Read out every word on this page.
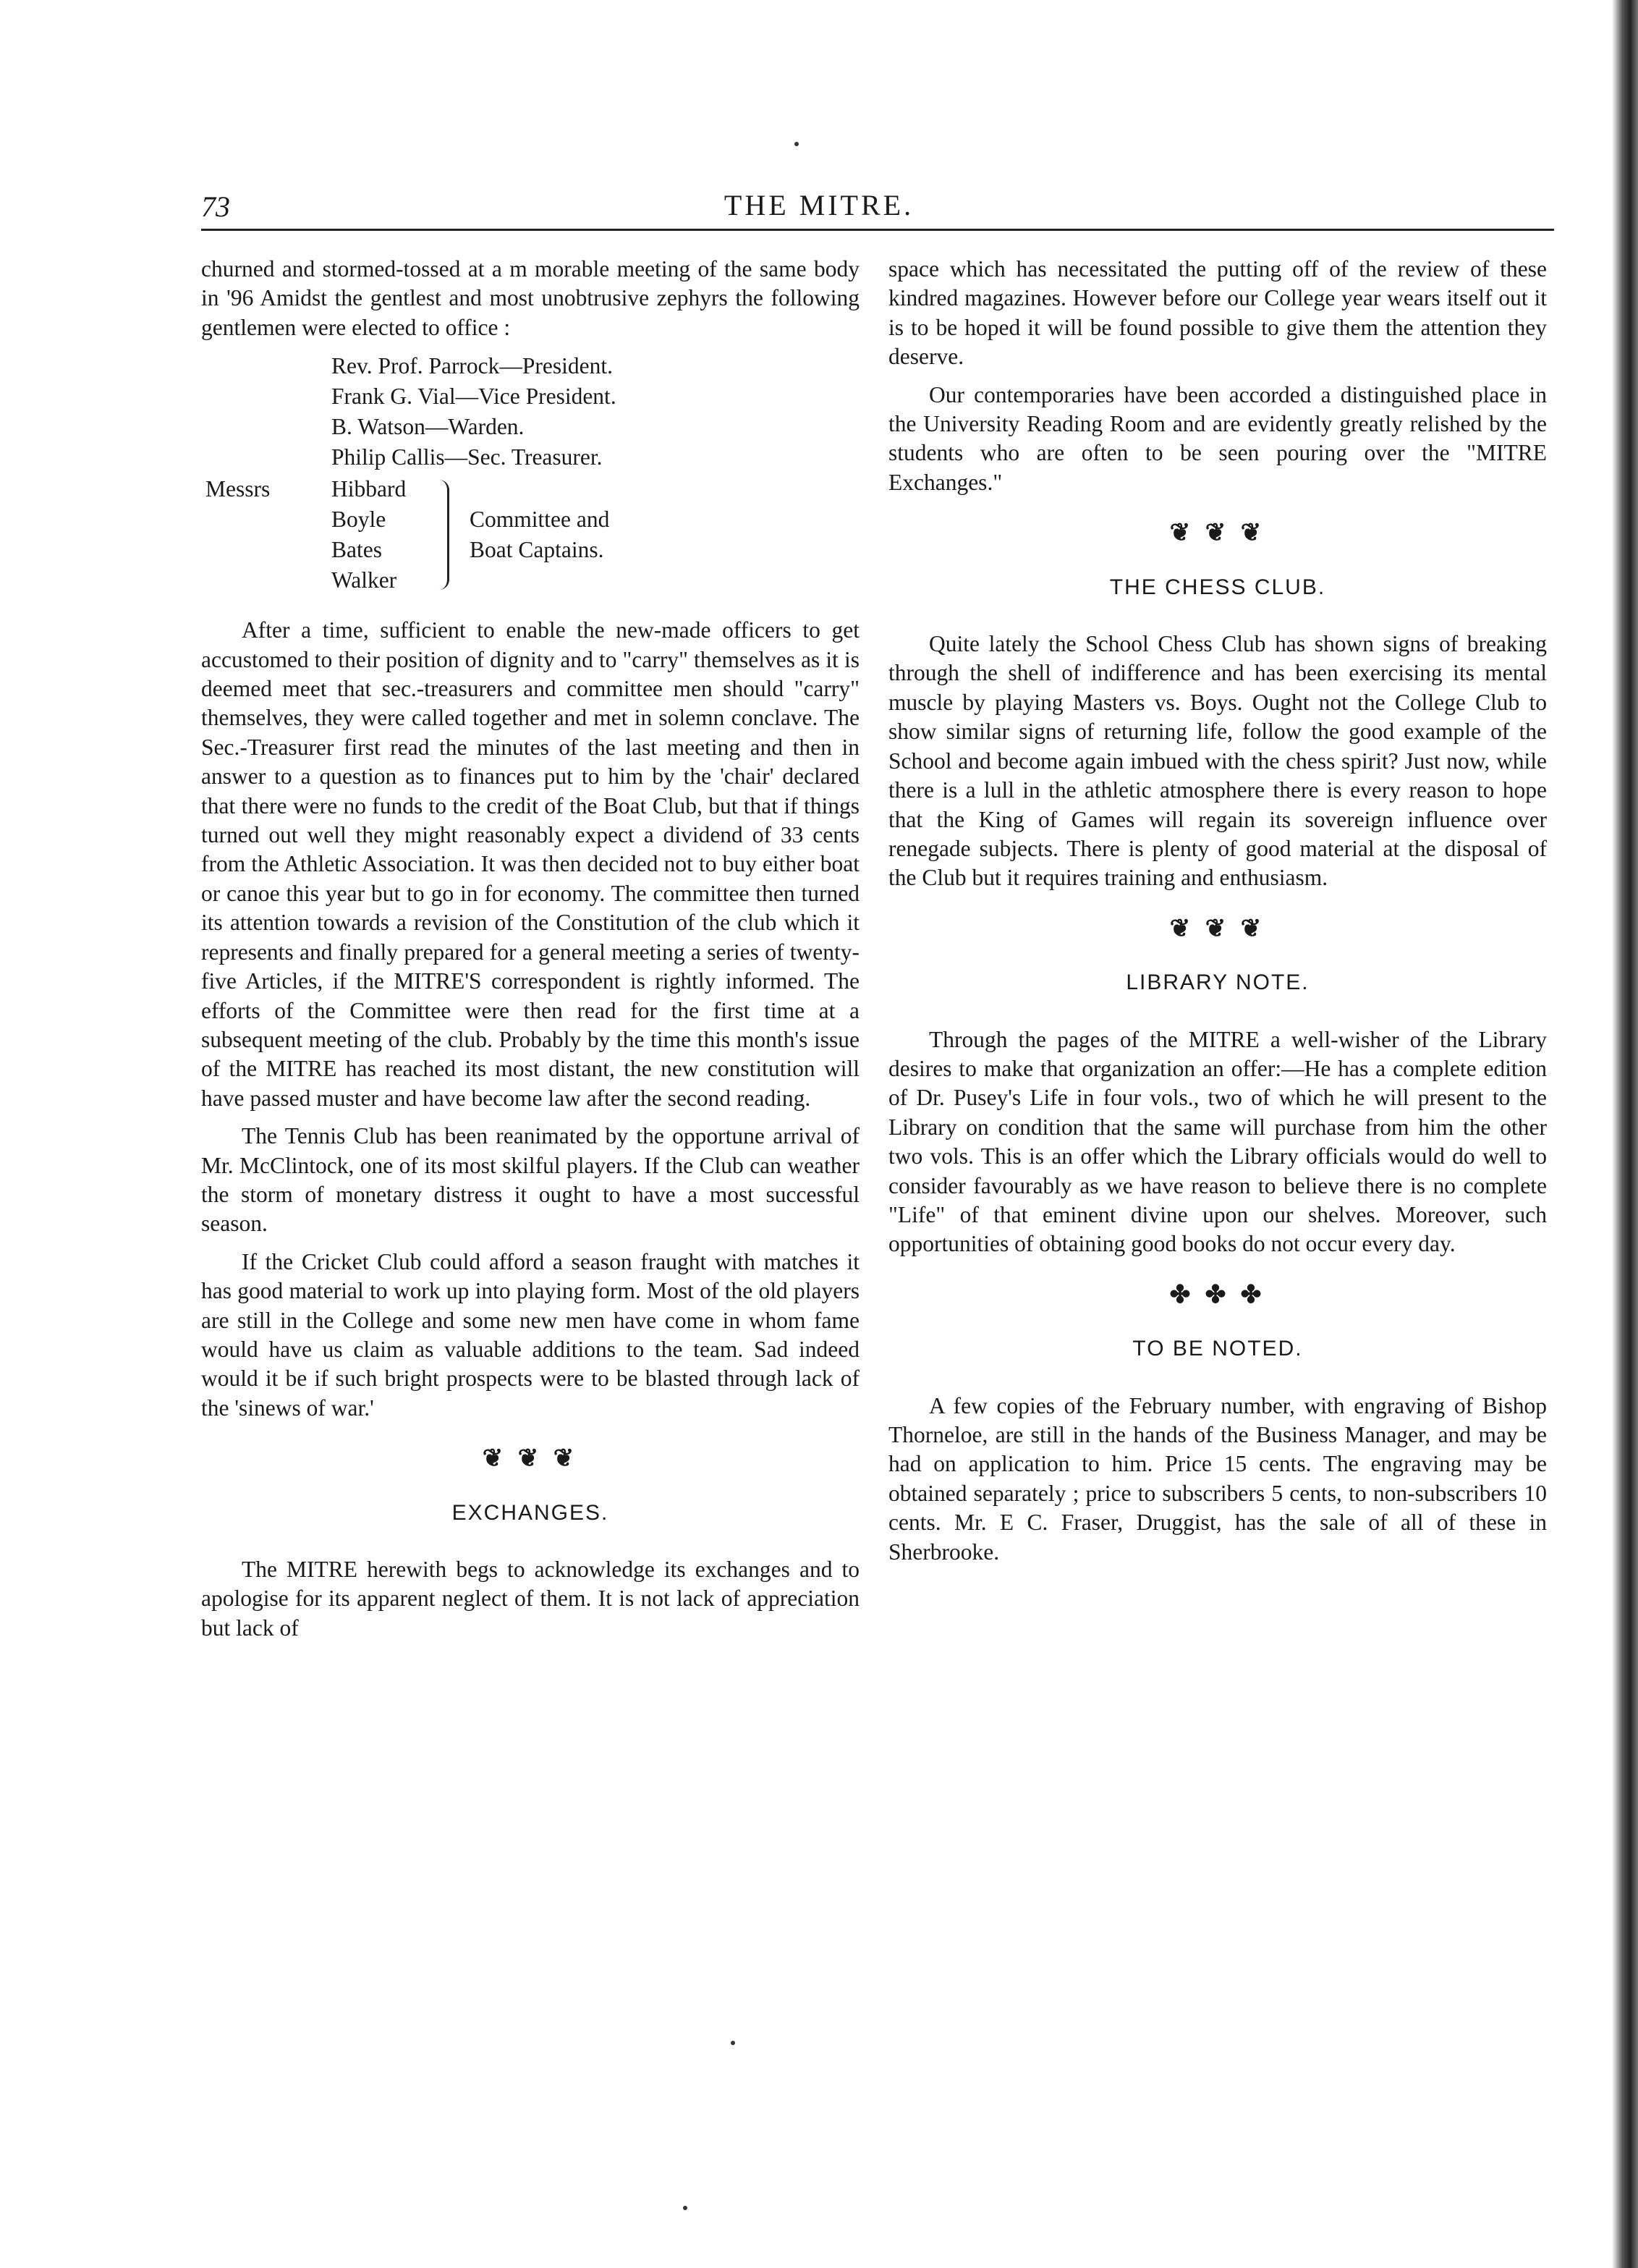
73	THE MITRE.

churned and stormed-tossed at a m morable meeting of the same body in '96 Amidst the gentlest and most unobtrusive zephyrs the following gentlemen were elected to office :

Rev. Prof. Parrock—President.
Frank G. Vial—Vice President.
B. Watson—Warden.
Philip Callis—Sec. Treasurer.
Messrs	Hibbard
Boyle
Bates
Walker
Committee and
Boat Captains.

After a time, sufficient to enable the new-made officers to get accustomed to their position of dignity and to "carry" themselves as it is deemed meet that sec.-treasurers and committee men should "carry" themselves, they were called together and met in solemn conclave. The Sec.-Treasurer first read the minutes of the last meeting and then in answer to a question as to finances put to him by the 'chair' declared that there were no funds to the credit of the Boat Club, but that if things turned out well they might reasonably expect a dividend of 33 cents from the Athletic Association. It was then decided not to buy either boat or canoe this year but to go in for economy. The committee then turned its attention towards a revision of the Constitution of the club which it represents and finally prepared for a general meeting a series of twenty-five Articles, if the MITRE'S correspondent is rightly informed. The efforts of the Committee were then read for the first time at a subsequent meeting of the club. Probably by the time this month's issue of the MITRE has reached its most distant, the new constitution will have passed muster and have become law after the second reading.

The Tennis Club has been reanimated by the opportune arrival of Mr. McClintock, one of its most skilful players. If the Club can weather the storm of monetary distress it ought to have a most successful season.

If the Cricket Club could afford a season fraught with matches it has good material to work up into playing form. Most of the old players are still in the College and some new men have come in whom fame would have us claim as valuable additions to the team. Sad indeed would it be if such bright prospects were to be blasted through lack of the 'sinews of war.'

❦ ❦ ❦
EXCHANGES.

The MITRE herewith begs to acknowledge its exchanges and to apologise for its apparent neglect of them. It is not lack of appreciation but lack of

space which has necessitated the putting off of the review of these kindred magazines. However before our College year wears itself out it is to be hoped it will be found possible to give them the attention they deserve.

Our contemporaries have been accorded a distinguished place in the University Reading Room and are evidently greatly relished by the students who are often to be seen pouring over the "MITRE Exchanges."

❦ ❦ ❦
THE CHESS CLUB.

Quite lately the School Chess Club has shown signs of breaking through the shell of indifference and has been exercising its mental muscle by playing Masters vs. Boys. Ought not the College Club to show similar signs of returning life, follow the good example of the School and become again imbued with the chess spirit? Just now, while there is a lull in the athletic atmosphere there is every reason to hope that the King of Games will regain its sovereign influence over renegade subjects. There is plenty of good material at the disposal of the Club but it requires training and enthusiasm.

❦ ❦ ❦
LIBRARY NOTE.

Through the pages of the MITRE a well-wisher of the Library desires to make that organization an offer:—He has a complete edition of Dr. Pusey's Life in four vols., two of which he will present to the Library on condition that the same will purchase from him the other two vols. This is an offer which the Library officials would do well to consider favourably as we have reason to believe there is no complete "Life" of that eminent divine upon our shelves. Moreover, such opportunities of obtaining good books do not occur every day.

✤ ✤ ✤
TO BE NOTED.

A few copies of the February number, with engraving of Bishop Thorneloe, are still in the hands of the Business Manager, and may be had on application to him. Price 15 cents. The engraving may be obtained separately ; price to subscribers 5 cents, to non-subscribers 10 cents. Mr. E C. Fraser, Druggist, has the sale of all of these in Sherbrooke.
